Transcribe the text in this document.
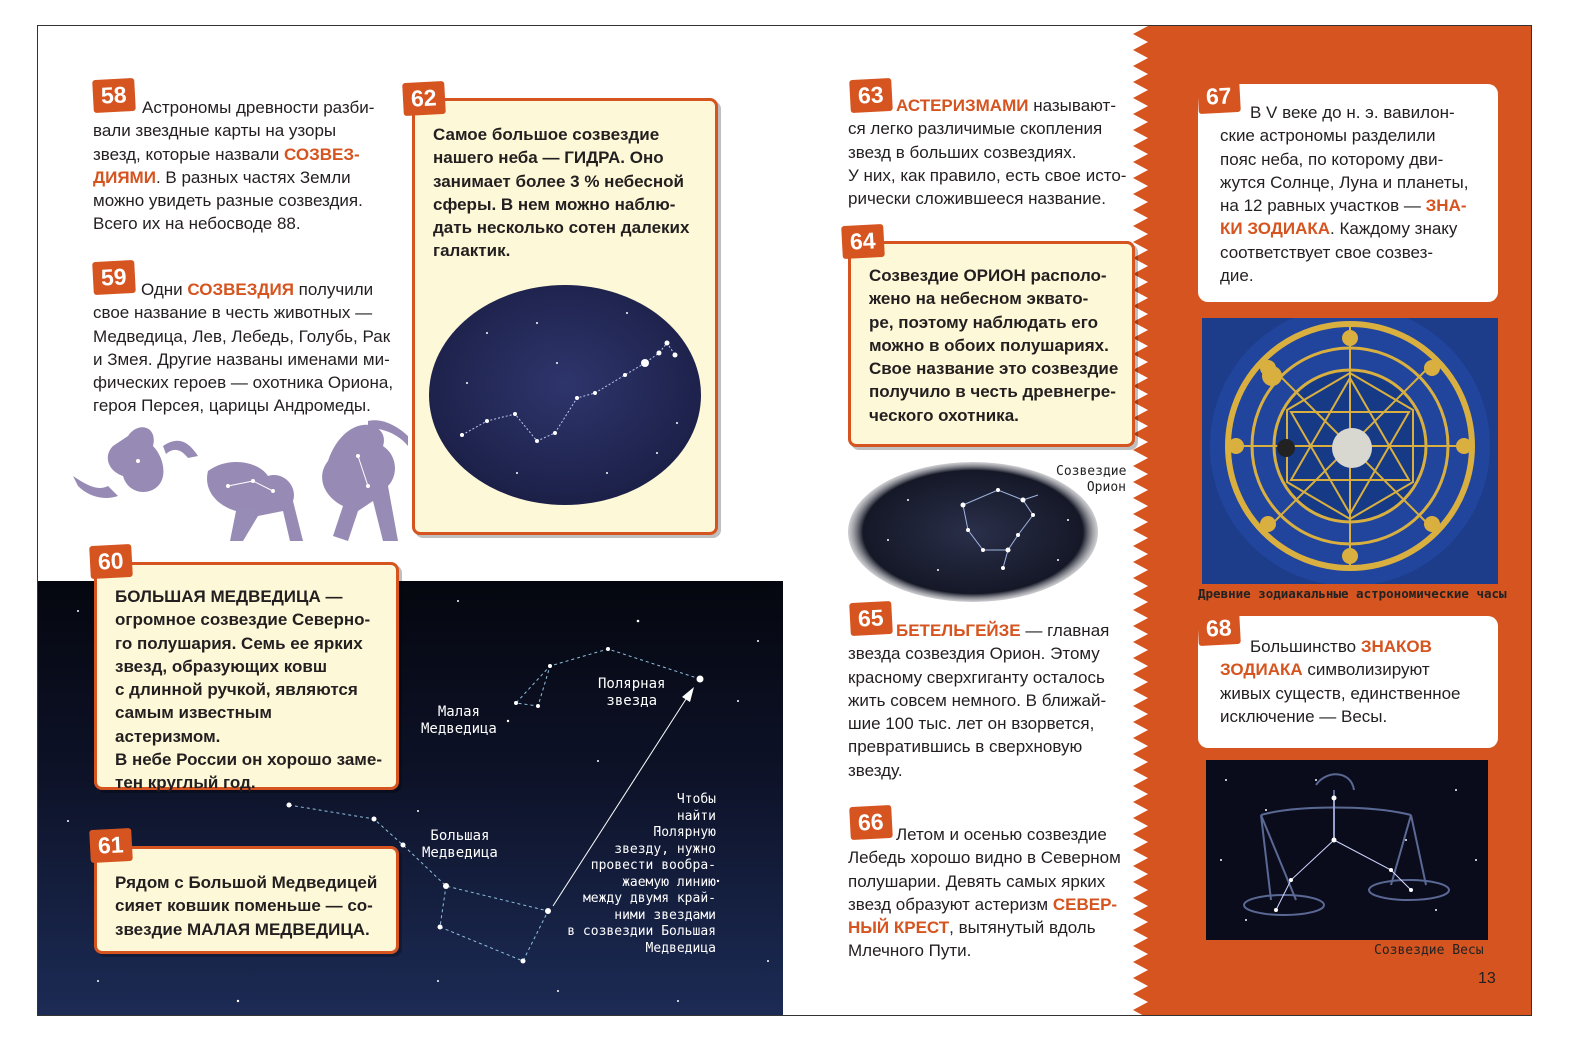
Малая
Медведица
Полярная
звезда
Большая
Медведица
Чтобы
найти
Полярную
звезду, нужно
провести вообра-
жаемую линию
между двумя край-
ними звездами
в созвездии Большая
Медведица
58 Астрономы древности разби-
вали звездные карты на узоры
звезд, которые назвали СОЗВЕЗ-
ДИЯМИ. В разных частях Земли
можно увидеть разные созвездия.
Всего их на небосводе 88.
59 Одни СОЗВЕЗДИЯ получили
свое название в честь животных —
Медведица, Лев, Лебедь, Голубь, Рак
и Змея. Другие названы именами ми-
фических героев — охотника Ориона,
героя Персея, царицы Андромеды.

Самое большое созвездие

нашего неба — ГИДРА. Оно

занимает более 3 % небесной

сферы. В нем можно наблю-

дать несколько сотен далеких

галактик.

62

БОЛЬШАЯ МЕДВЕДИЦА —

огромное созвездие Северно-

го полушария. Семь ее ярких

звезд, образующих ковш

с длинной ручкой, являются

самым известным астеризмом.

В небе России он хорошо заме-

тен круглый год.

60

Рядом с Большой Медведицей

сияет ковшик поменьше — со-

звездие МАЛАЯ МЕДВЕДИЦА.

61
63 АСТЕРИЗМАМИ называют-
ся легко различимые скопления
звезд в больших созвездиях.
У них, как правило, есть свое исто-
рически сложившееся название.

Созвездие ОРИОН располо-

жено на небесном эквато-

ре, поэтому наблюдать его

можно в обоих полушариях.

Свое название это созвездие

получило в честь древнегре-

ческого охотника.

64
Созвездие
Орион
65 БЕТЕЛЬГЕЙЗЕ — главная
звезда созвездия Орион. Этому
красному сверхгиганту осталось
жить совсем немного. В ближай-
шие 100 тыс. лет он взорвется,
превратившись в сверхновую
звезду.
66 Летом и осенью созвездие
Лебедь хорошо видно в Северном
полушарии. Девять самых ярких
звезд образуют астеризм СЕВЕР-
НЫЙ КРЕСТ, вытянутый вдоль
Млечного Пути.

В V веке до н. э. вавилон-

ские астрономы разделили

пояс неба, по которому дви-

жутся Солнце, Луна и планеты,

на 12 равных участков — ЗНА-

КИ ЗОДИАКА. Каждому знаку

соответствует свое созвез-

дие.

67
Древние зодиакальные астрономические часы

Большинство ЗНАКОВ

ЗОДИАКА символизируют

живых существ, единственное

исключение — Весы.

68
Созвездие Весы
13
